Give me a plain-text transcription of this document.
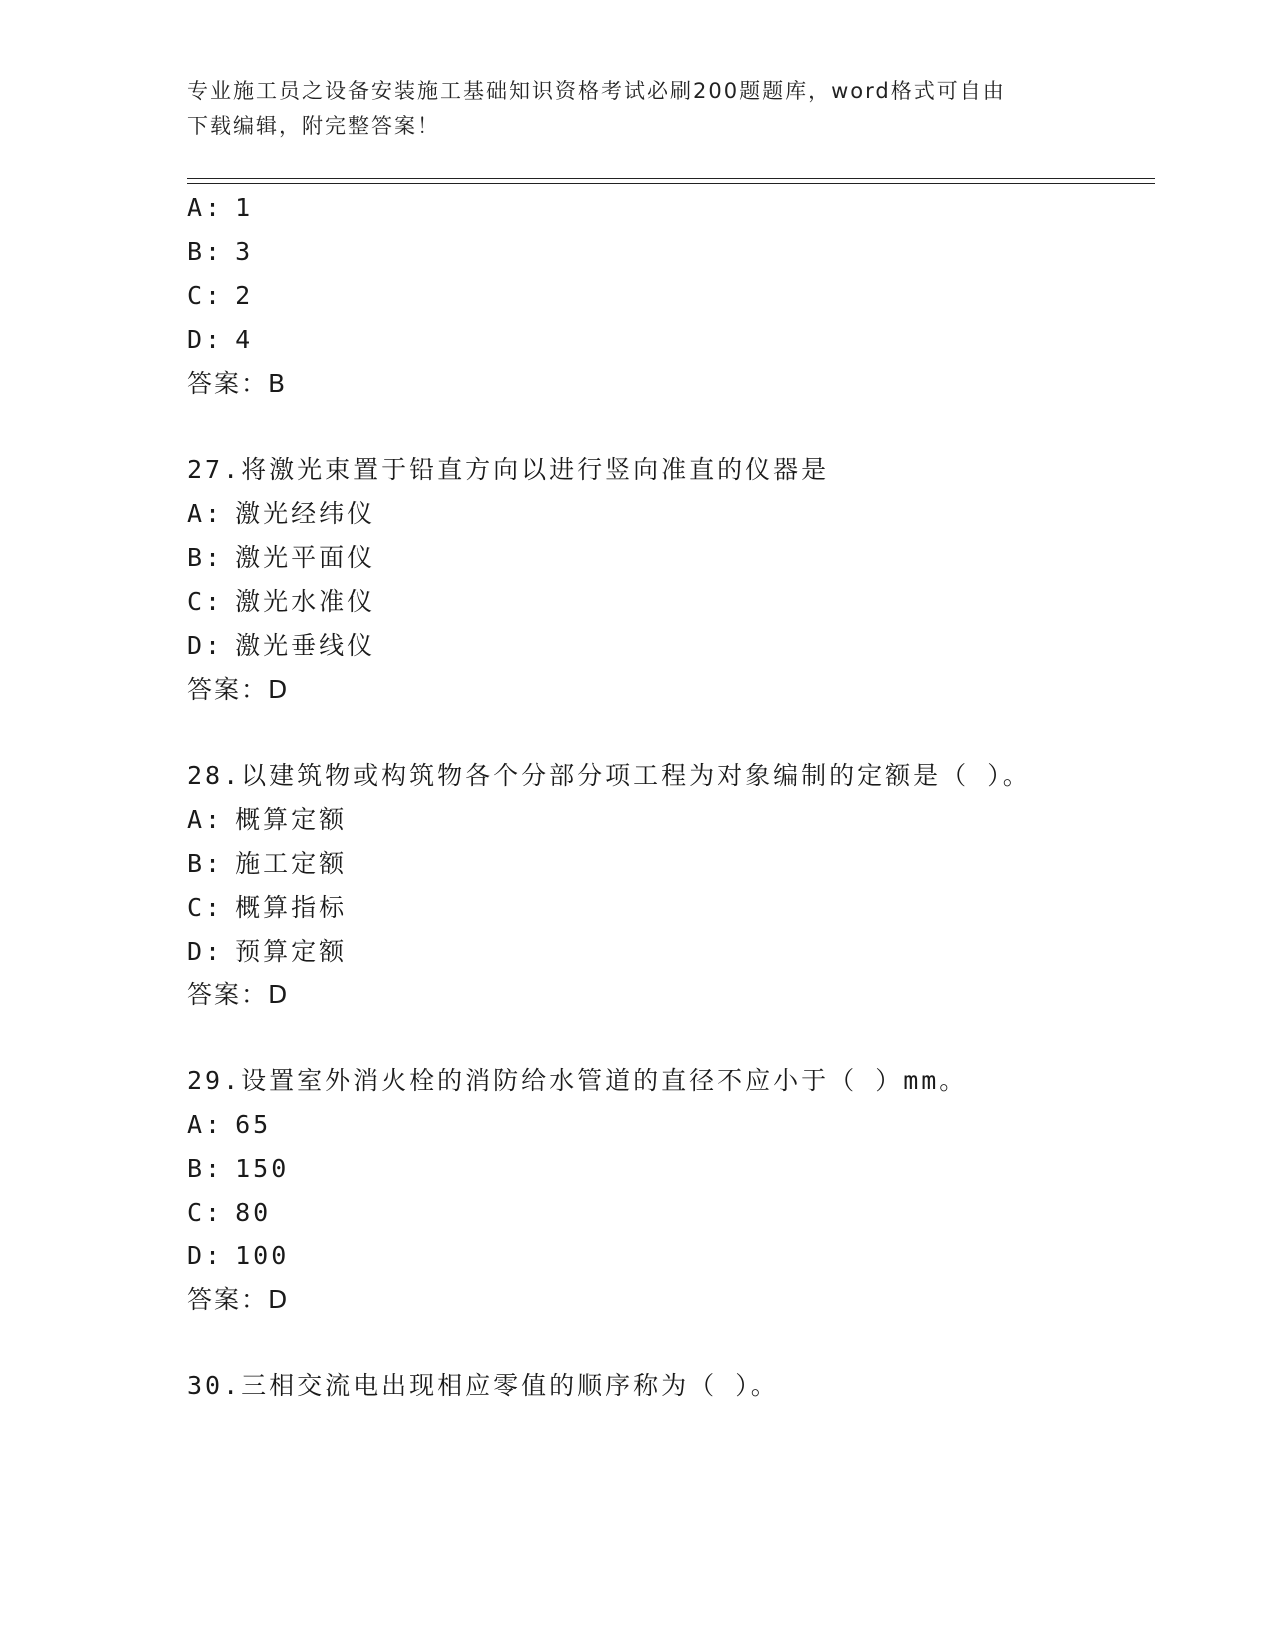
专业施工员之设备安装施工基础知识资格考试必刷200题题库，word格式可自由
下载编辑，附完整答案！
A: 1
B: 3
C: 2
D: 4
答案：B
27.将激光束置于铅直方向以进行竖向准直的仪器是
A: 激光经纬仪
B: 激光平面仪
C: 激光水准仪
D: 激光垂线仪
答案：D
28.以建筑物或构筑物各个分部分项工程为对象编制的定额是（ ）。
A: 概算定额
B: 施工定额
C: 概算指标
D: 预算定额
答案：D
29.设置室外消火栓的消防给水管道的直径不应小于（ ）mm。
A: 65
B: 150
C: 80
D: 100
答案：D
30.三相交流电出现相应零值的顺序称为（ ）。
